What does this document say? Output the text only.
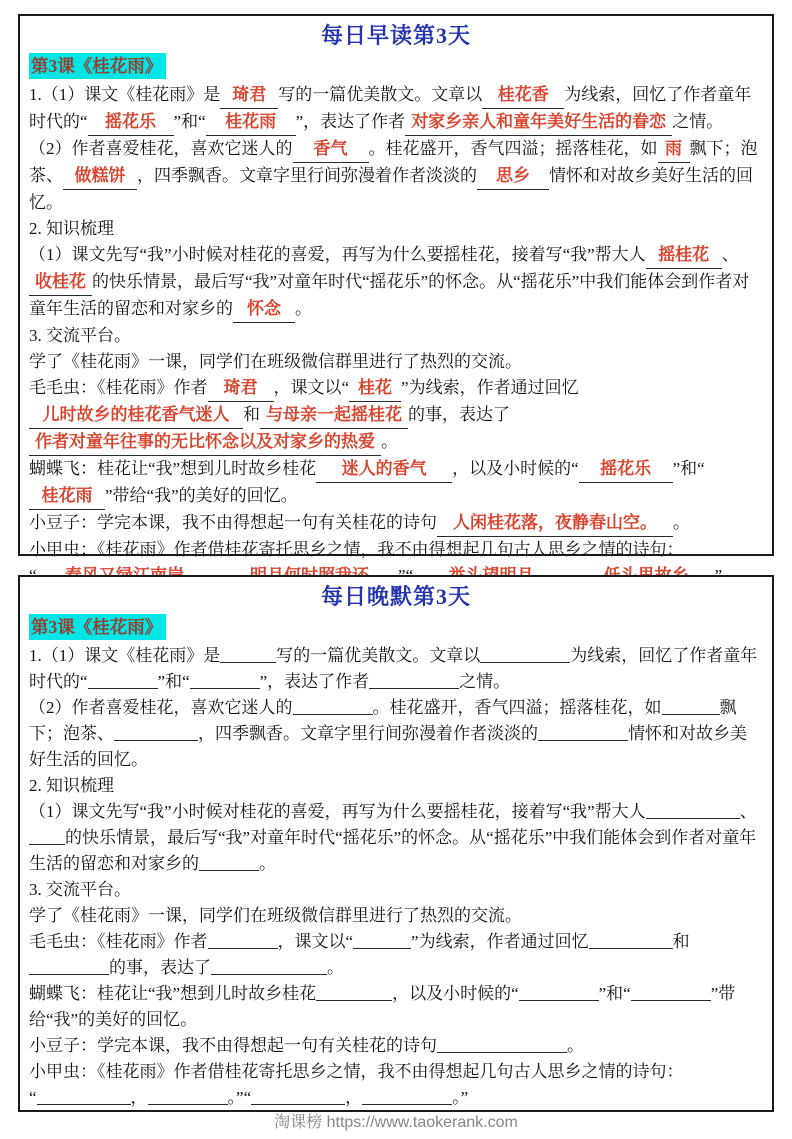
每日早读第3天
第3课《桂花雨》

1.（1）课文《桂花雨》是 琦君 写的一篇优美散文。文章以 桂花香 为线索，回忆了作者童年时代的“ 摇花乐 ”和“ 桂花雨 ”，表达了作者 对家乡亲人和童年美好生活的眷恋 之情。

（2）作者喜爱桂花，喜欢它迷人的 香气 。桂花盛开，香气四溢；摇落桂花，如 雨 飘下；泡茶、 做糕饼 ，四季飘香。文章字里行间弥漫着作者淡淡的 思乡 情怀和对故乡美好生活的回忆。

2. 知识梳理

（1）课文先写“我”小时候对桂花的喜爱，再写为什么要摇桂花，接着写“我”帮大人 摇桂花 、收桂花 的快乐情景，最后写“我”对童年时代“摇花乐”的怀念。从“摇花乐”中我们能体会到作者对童年生活的留恋和对家乡的 怀念 。

3. 交流平台。

学了《桂花雨》一课，同学们在班级微信群里进行了热烈的交流。

毛毛虫：《桂花雨》作者 琦君 ，课文以“ 桂花 ”为线索，作者通过回忆儿时故乡的桂花香气迷人 和 与母亲一起摇桂花 的事，表达了作者对童年往事的无比怀念以及对家乡的热爱 。

蝴蝶飞：桂花让“我”想到儿时故乡桂花 迷人的香气 ，以及小时候的“ 摇花乐 ”和“桂花雨 ”带给“我”的美好的回忆。

小豆子：学完本课，我不由得想起一句有关桂花的诗句 人闲桂花落，夜静春山空。 。

小甲虫：《桂花雨》作者借桂花寄托思乡之情，我不由得想起几句古人思乡之情的诗句：

每日晚默第3天
第3课《桂花雨》

1.（1）课文《桂花雨》是	写的一篇优美散文。文章以	为线索，回忆了作者童年时代的“	”和“	”，表达了作者	之情。

（2）作者喜爱桂花，喜欢它迷人的	。桂花盛开，香气四溢；摇落桂花，如	飘下；泡茶、	，四季飘香。文章字里行间弥漫着作者淡淡的	情怀和对故乡美好生活的回忆。

2. 知识梳理

（1）课文先写“我”小时候对桂花的喜爱，再写为什么要摇桂花，接着写“我”帮大人	、的快乐情景，最后写“我”对童年时代“摇花乐”的怀念。从“摇花乐”中我们能体会到作者对童年生活的留恋和对家乡的	。

3. 交流平台。

学了《桂花雨》一课，同学们在班级微信群里进行了热烈的交流。

毛毛虫：《桂花雨》作者	，课文以“	”为线索，作者通过回忆	和的事，表达了	。

蝴蝶飞：桂花让“我”想到儿时故乡桂花	，以及小时候的“	”和“	”带给“我”的美好的回忆。

小豆子：学完本课，我不由得想起一句有关桂花的诗句	。

小甲虫：《桂花雨》作者借桂花寄托思乡之情，我不由得想起几句古人思乡之情的诗句：

“	，	。”“	，	。”

淘课榜 https://www.taokerank.com
